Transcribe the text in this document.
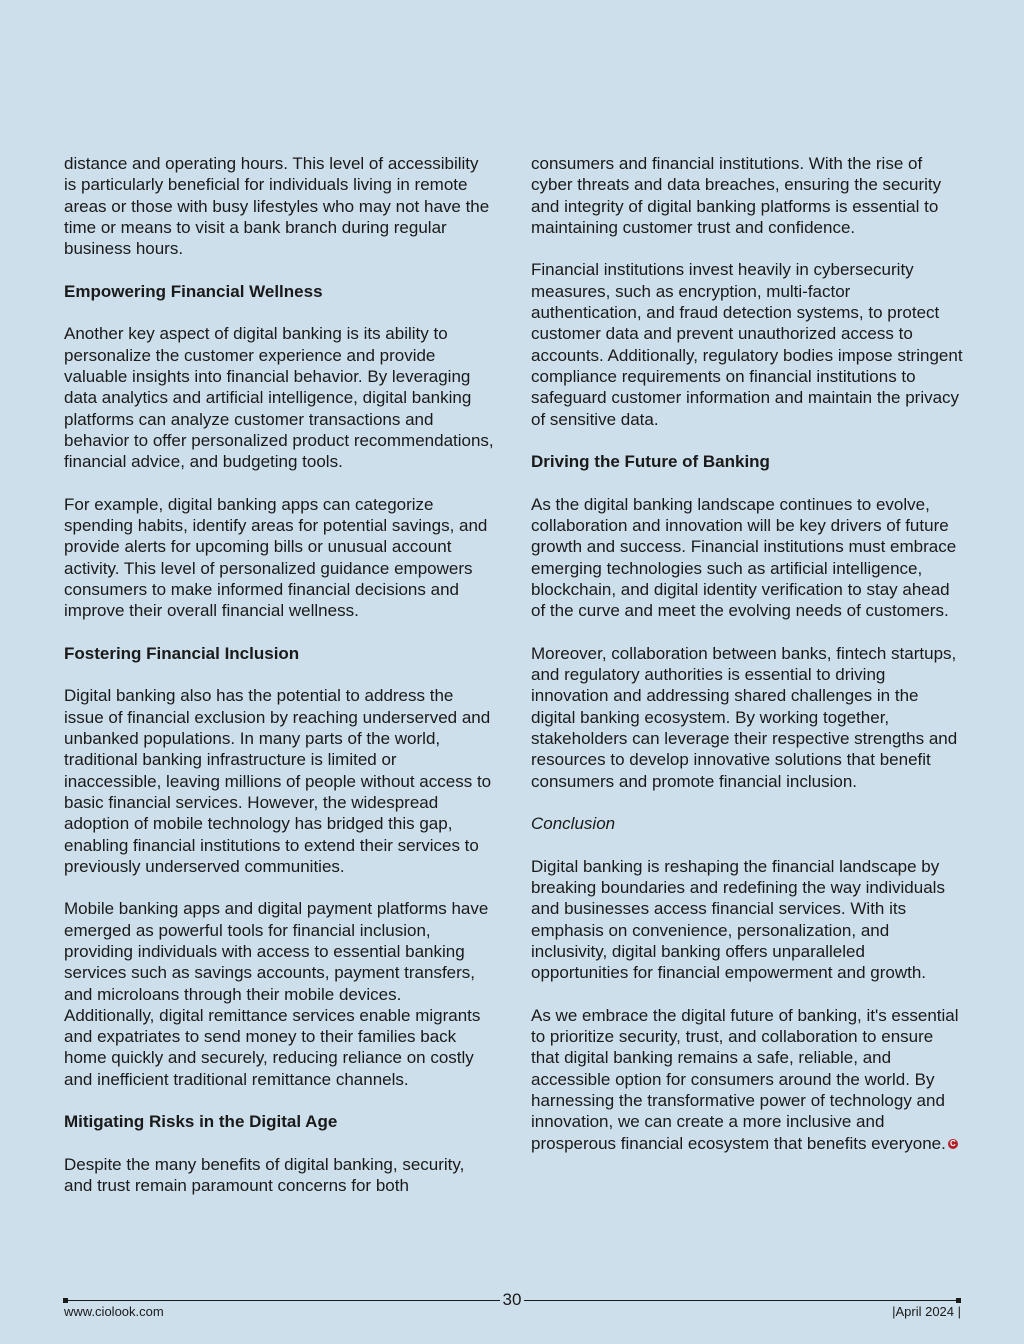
distance and operating hours. This level of accessibility is particularly beneficial for individuals living in remote areas or those with busy lifestyles who may not have the time or means to visit a bank branch during regular business hours.

Empowering Financial Wellness

Another key aspect of digital banking is its ability to personalize the customer experience and provide valuable insights into financial behavior. By leveraging data analytics and artificial intelligence, digital banking platforms can analyze customer transactions and behavior to offer personalized product recommendations, financial advice, and budgeting tools.

For example, digital banking apps can categorize spending habits, identify areas for potential savings, and provide alerts for upcoming bills or unusual account activity. This level of personalized guidance empowers consumers to make informed financial decisions and improve their overall financial wellness.

Fostering Financial Inclusion

Digital banking also has the potential to address the issue of financial exclusion by reaching underserved and unbanked populations. In many parts of the world, traditional banking infrastructure is limited or inaccessible, leaving millions of people without access to basic financial services. However, the widespread adoption of mobile technology has bridged this gap, enabling financial institutions to extend their services to previously underserved communities.

Mobile banking apps and digital payment platforms have emerged as powerful tools for financial inclusion, providing individuals with access to essential banking services such as savings accounts, payment transfers, and microloans through their mobile devices. Additionally, digital remittance services enable migrants and expatriates to send money to their families back home quickly and securely, reducing reliance on costly and inefficient traditional remittance channels.

Mitigating Risks in the Digital Age

Despite the many benefits of digital banking, security, and trust remain paramount concerns for both

consumers and financial institutions. With the rise of cyber threats and data breaches, ensuring the security and integrity of digital banking platforms is essential to maintaining customer trust and confidence.

Financial institutions invest heavily in cybersecurity measures, such as encryption, multi-factor authentication, and fraud detection systems, to protect customer data and prevent unauthorized access to accounts. Additionally, regulatory bodies impose stringent compliance requirements on financial institutions to safeguard customer information and maintain the privacy of sensitive data.

Driving the Future of Banking

As the digital banking landscape continues to evolve, collaboration and innovation will be key drivers of future growth and success. Financial institutions must embrace emerging technologies such as artificial intelligence, blockchain, and digital identity verification to stay ahead of the curve and meet the evolving needs of customers.

Moreover, collaboration between banks, fintech startups, and regulatory authorities is essential to driving innovation and addressing shared challenges in the digital banking ecosystem. By working together, stakeholders can leverage their respective strengths and resources to develop innovative solutions that benefit consumers and promote financial inclusion.

Conclusion

Digital banking is reshaping the financial landscape by breaking boundaries and redefining the way individuals and businesses access financial services. With its emphasis on convenience, personalization, and inclusivity, digital banking offers unparalleled opportunities for financial empowerment and growth.

As we embrace the digital future of banking, it's essential to prioritize security, trust, and collaboration to ensure that digital banking remains a safe, reliable, and accessible option for consumers around the world. By harnessing the transformative power of technology and innovation, we can create a more inclusive and prosperous financial ecosystem that benefits everyone. C

30
www.ciolook.com	|April 2024 |
